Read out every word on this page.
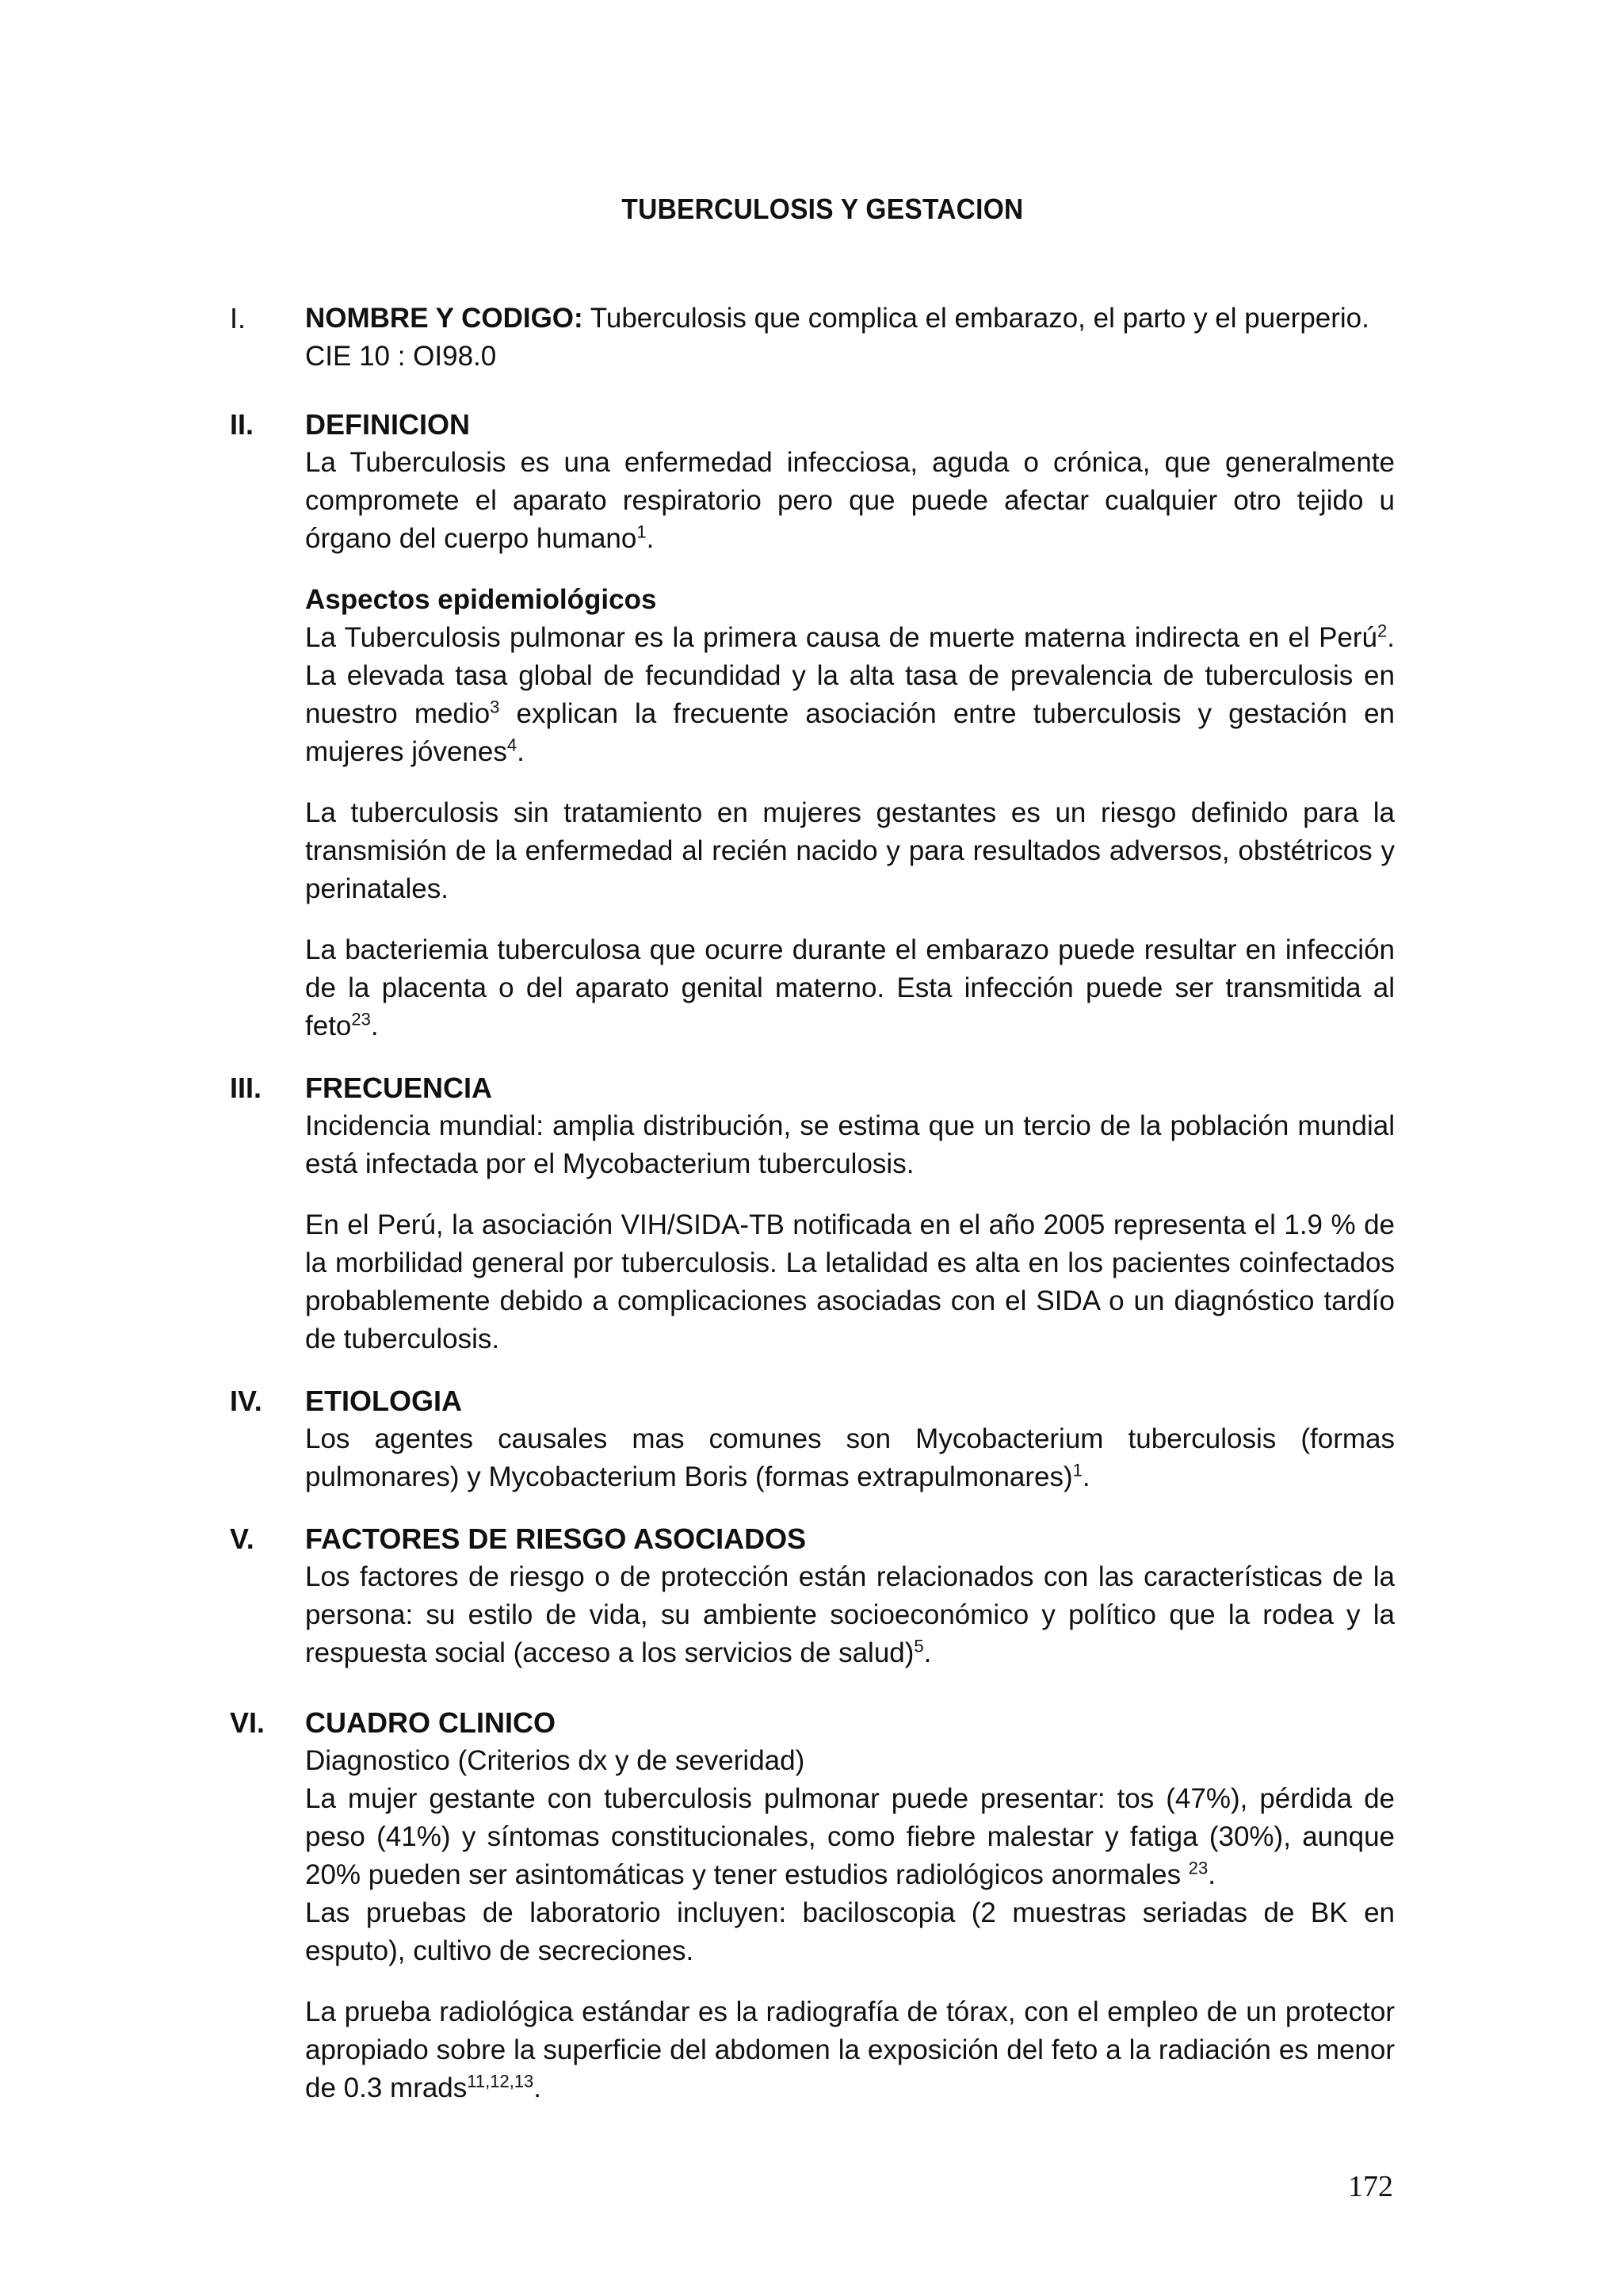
TUBERCULOSIS Y GESTACION
I.	NOMBRE Y CODIGO: Tuberculosis que complica el embarazo, el parto y el puerperio. CIE 10 : OI98.0
II.	DEFINICION

La Tuberculosis es una enfermedad infecciosa, aguda o crónica, que generalmente compromete el aparato respiratorio pero que puede afectar cualquier otro tejido u órgano del cuerpo humano$^1$.

Aspectos epidemiológicos

La Tuberculosis pulmonar es la primera causa de muerte materna indirecta en el Perú$^2$. La elevada tasa global de fecundidad y la alta tasa de prevalencia de tuberculosis en nuestro medio$^3$ explican la frecuente asociación entre tuberculosis y gestación en mujeres jóvenes$^4$.

La tuberculosis sin tratamiento en mujeres gestantes es un riesgo definido para la transmisión de la enfermedad al recién nacido y para resultados adversos, obstétricos y perinatales.

La bacteriemia tuberculosa que ocurre durante el embarazo puede resultar en infección de la placenta o del aparato genital materno. Esta infección puede ser transmitida al feto$^{23}$.

III.	FRECUENCIA

Incidencia mundial: amplia distribución, se estima que un tercio de la población mundial está infectada por el Mycobacterium tuberculosis.

En el Perú, la asociación VIH/SIDA-TB notificada en el año 2005 representa el 1.9 % de la morbilidad general por tuberculosis. La letalidad es alta en los pacientes coinfectados probablemente debido a complicaciones asociadas con el SIDA o un diagnóstico tardío de tuberculosis.

IV.	ETIOLOGIA

Los agentes causales mas comunes son Mycobacterium tuberculosis (formas pulmonares) y Mycobacterium Boris (formas extrapulmonares)$^1$.

V.	FACTORES DE RIESGO ASOCIADOS

Los factores de riesgo o de protección están relacionados con las características de la persona: su estilo de vida, su ambiente socioeconómico y político que la rodea y la respuesta social (acceso a los servicios de salud)$^5$.

VI.	CUADRO CLINICO
Diagnostico (Criterios dx y de severidad)

La mujer gestante con tuberculosis pulmonar puede presentar: tos (47%), pérdida de peso (41%) y síntomas constitucionales, como fiebre malestar y fatiga (30%), aunque 20% pueden ser asintomáticas y tener estudios radiológicos anormales $^{23}$.

Las pruebas de laboratorio incluyen: baciloscopia (2 muestras seriadas de BK en esputo), cultivo de secreciones.

La prueba radiológica estándar es la radiografía de tórax, con el empleo de un protector apropiado sobre la superficie del abdomen la exposición del feto a la radiación es menor de 0.3 mrads$^{11,12,13}$.

172
